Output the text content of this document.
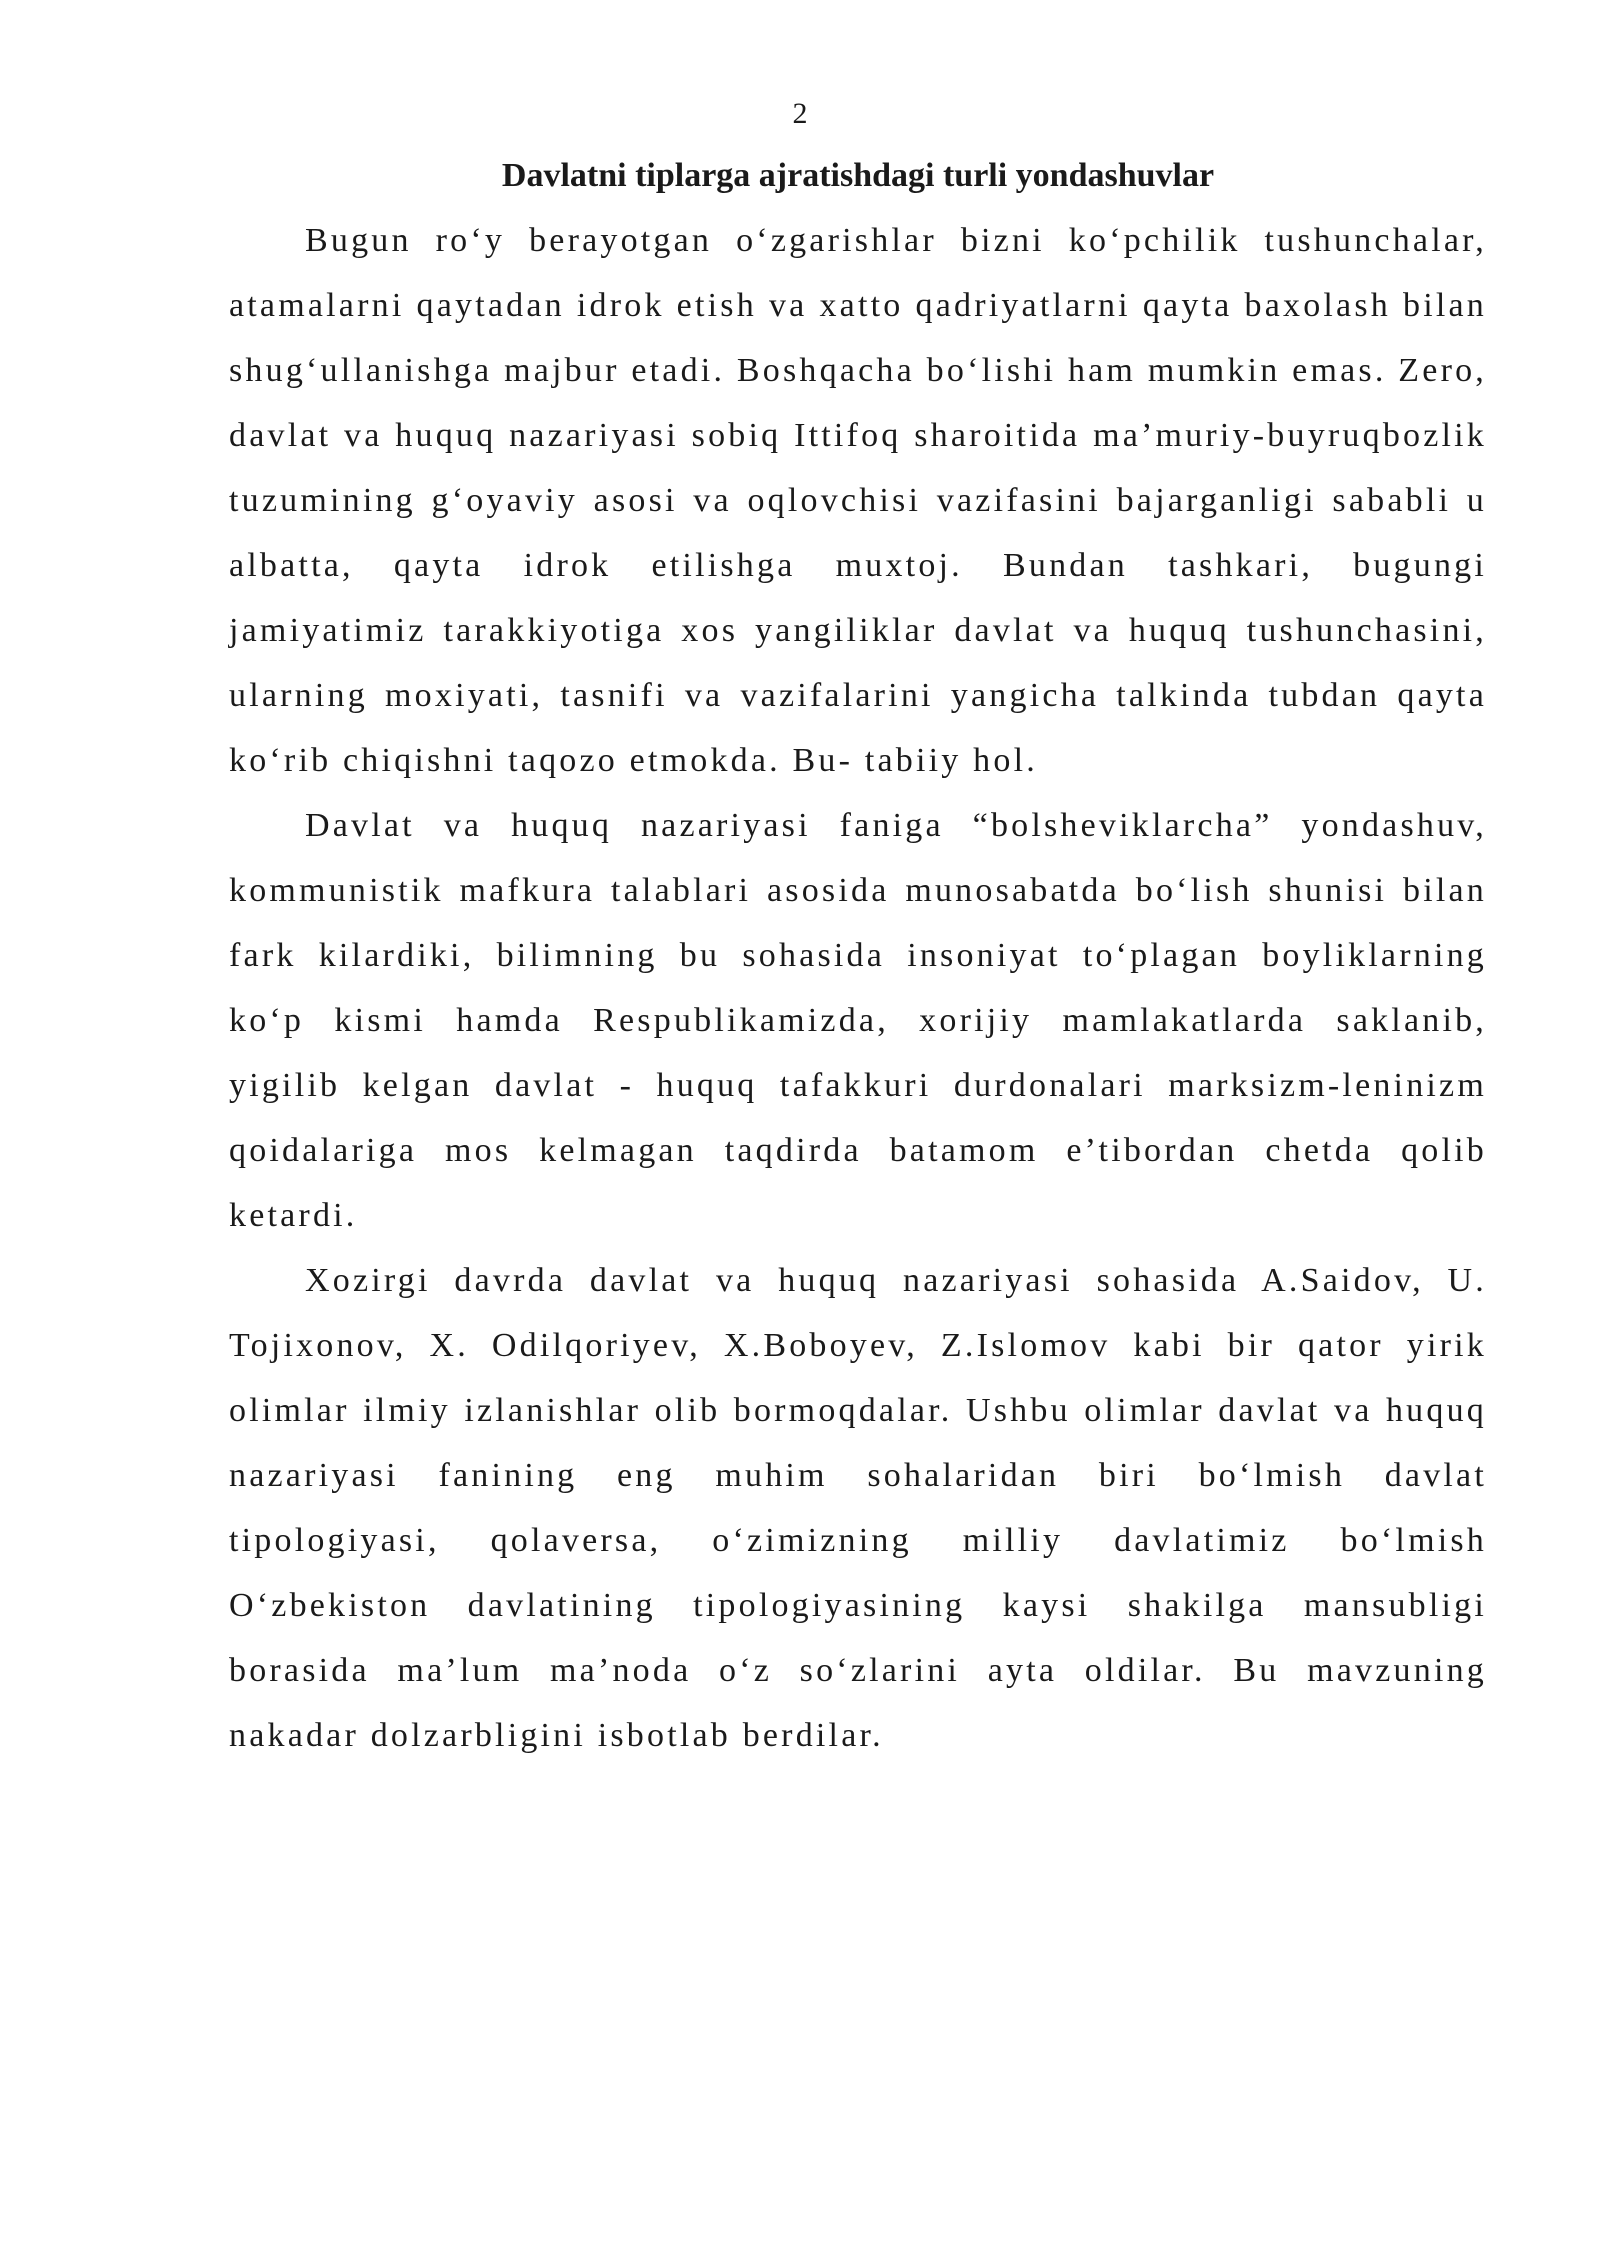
2
Davlatni tiplarga ajratishdagi turli yondashuvlar

Bugun ro‘y berayotgan o‘zgarishlar bizni ko‘pchilik tushunchalar, atamalarni qaytadan idrok etish va xatto qadriyatlarni qayta baxolash bilan shug‘ullanishga majbur etadi. Boshqacha bo‘lishi ham mumkin emas. Zero, davlat va huquq nazariyasi sobiq Ittifoq sharoitida ma’muriy-buyruqbozlik tuzumining g‘oyaviy asosi va oqlovchisi vazifasini bajarganligi sababli u albatta, qayta idrok etilishga muxtoj. Bundan tashkari, bugungi jamiyatimiz tarakkiyotiga xos yangiliklar davlat va huquq tushunchasini, ularning moxiyati, tasnifi va vazifalarini yangicha talkinda tubdan qayta ko‘rib chiqishni taqozo etmokda. Bu- tabiiy hol.

Davlat va huquq nazariyasi faniga “bolsheviklarcha” yondashuv, kommunistik mafkura talablari asosida munosabatda bo‘lish shunisi bilan fark kilardiki, bilimning bu sohasida insoniyat to‘plagan boyliklarning ko‘p kismi hamda Respublikamizda, xorijiy mamlakatlarda saklanib, yigilib kelgan davlat - huquq tafakkuri durdonalari marksizm-leninizm qoidalariga mos kelmagan taqdirda batamom e’tibordan chetda qolib ketardi.

Xozirgi davrda davlat va huquq nazariyasi sohasida A.Saidov, U. Tojixonov, X. Odilqoriyev, X.Boboyev, Z.Islomov kabi bir qator yirik olimlar ilmiy izlanishlar olib bormoqdalar. Ushbu olimlar davlat va huquq nazariyasi fanining eng muhim sohalaridan biri bo‘lmish davlat tipologiyasi, qolaversa, o‘zimizning milliy davlatimiz bo‘lmish O‘zbekiston davlatining tipologiyasining kaysi shakilga mansubligi borasida ma’lum ma’noda o‘z so‘zlarini ayta oldilar. Bu mavzuning nakadar dolzarbligini isbotlab berdilar.
